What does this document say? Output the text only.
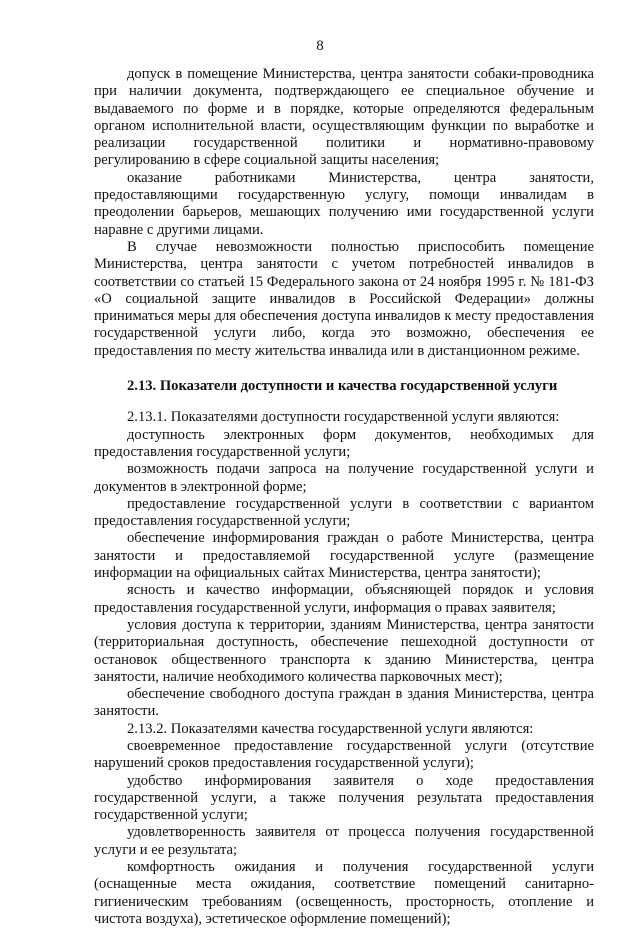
8

допуск в помещение Министерства, центра занятости собаки-проводника при наличии документа, подтверждающего ее специальное обучение и выдаваемого по форме и в порядке, которые определяются федеральным органом исполнительной власти, осуществляющим функции по выработке и реализации государственной политики и нормативно-правовому регулированию в сфере социальной защиты населения;

оказание работниками Министерства, центра занятости, предоставляющими государственную услугу, помощи инвалидам в преодолении барьеров, мешающих получению ими государственной услуги наравне с другими лицами.

В случае невозможности полностью приспособить помещение Министерства, центра занятости с учетом потребностей инвалидов в соответствии со статьей 15 Федерального закона от 24 ноября 1995 г. № 181-ФЗ «О социальной защите инвалидов в Российской Федерации» должны приниматься меры для обеспечения доступа инвалидов к месту предоставления государственной услуги либо, когда это возможно, обеспечения ее предоставления по месту жительства инвалида или в дистанционном режиме.

2.13. Показатели доступности и качества государственной услуги

2.13.1. Показателями доступности государственной услуги являются:

доступность электронных форм документов, необходимых для предоставления государственной услуги;

возможность подачи запроса на получение государственной услуги и документов в электронной форме;

предоставление государственной услуги в соответствии с вариантом предоставления государственной услуги;

обеспечение информирования граждан о работе Министерства, центра занятости и предоставляемой государственной услуге (размещение информации на официальных сайтах Министерства, центра занятости);

ясность и качество информации, объясняющей порядок и условия предоставления государственной услуги, информация о правах заявителя;

условия доступа к территории, зданиям Министерства, центра занятости (территориальная доступность, обеспечение пешеходной доступности от остановок общественного транспорта к зданию Министерства, центра занятости, наличие необходимого количества парковочных мест);

обеспечение свободного доступа граждан в здания Министерства, центра занятости.

2.13.2. Показателями качества государственной услуги являются:

своевременное предоставление государственной услуги (отсутствие нарушений сроков предоставления государственной услуги);

удобство информирования заявителя о ходе предоставления государственной услуги, а также получения результата предоставления государственной услуги;

удовлетворенность заявителя от процесса получения государственной услуги и ее результата;

комфортность ожидания и получения государственной услуги (оснащенные места ожидания, соответствие помещений санитарно-гигиеническим требованиям (освещенность, просторность, отопление и чистота воздуха), эстетическое оформление помещений);
